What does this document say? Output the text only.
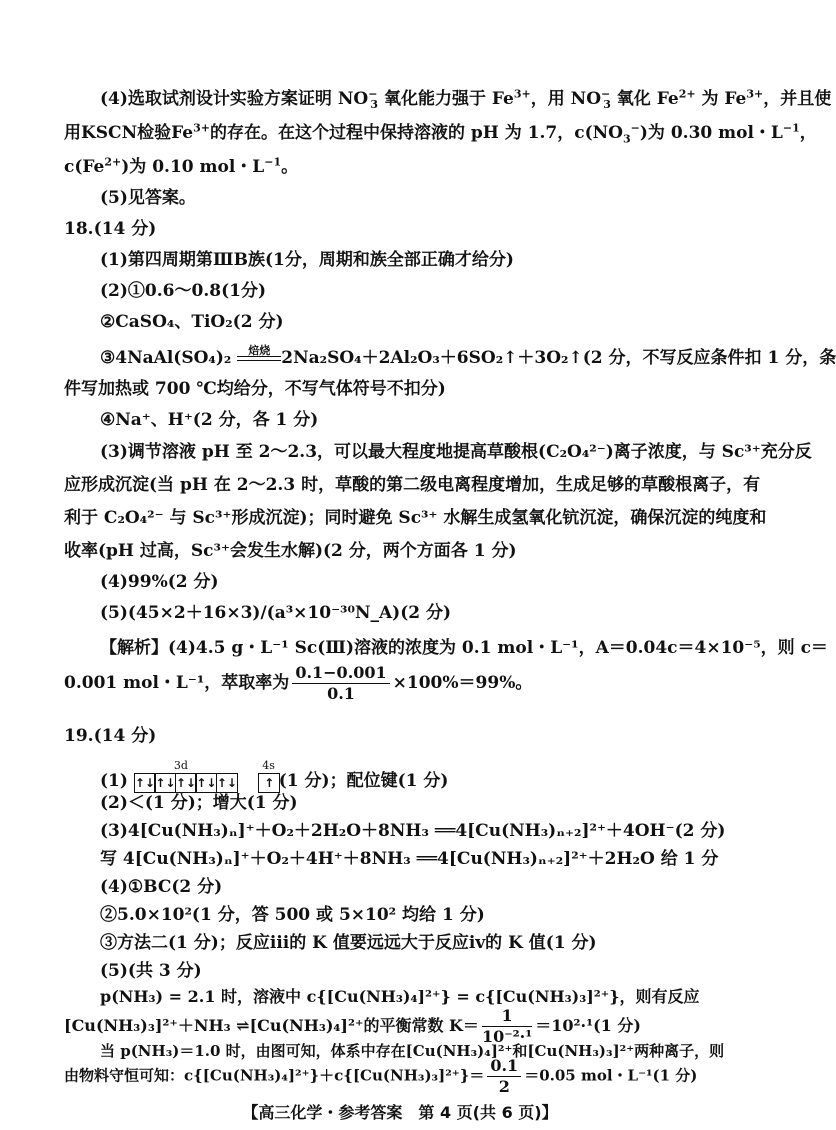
(4)选取试剂设计实验方案证明 $NO^-_3$ 氧化能力强于 $Fe^{3+}$，用 $NO^-_3$ 氧化 $Fe^{2+}$ 为 $Fe^{3+}$，并且使
用KSCN检验$Fe^{3+}$的存在。在这个过程中保持溶液的 pH 为 1.7，$c(NO_3^-)$为 0.30 mol・$L^{-1}$，
$c(Fe^{2+})$为 0.10 mol・$L^{-1}$。
(5)见答案。
18.(14 分)
(1)第四周期第ⅢB族(1分，周期和族全部正确才给分)
(2)①0.6～0.8(1分)
②CaSO₄、TiO₂(2 分)
③4NaAl(SO₄)₂	焙烧 2Na₂SO₄＋2Al₂O₃＋6SO₂↑＋3O₂↑(2 分，不写反应条件扣 1 分，条
件写加热或 700 ℃均给分，不写气体符号不扣分)
④Na⁺、H⁺(2 分，各 1 分)
(3)调节溶液 pH 至 2～2.3，可以最大程度地提高草酸根(C₂O₄²⁻)离子浓度，与 Sc³⁺充分反
应形成沉淀(当 pH 在 2～2.3 时，草酸的第二级电离程度增加，生成足够的草酸根离子，有
利于 C₂O₄²⁻ 与 Sc³⁺形成沉淀)；同时避免 Sc³⁺ 水解生成氢氧化钪沉淀，确保沉淀的纯度和
收率(pH 过高，Sc³⁺会发生水解)(2 分，两个方面各 1 分)
(4)99%(2 分)
(5)(45×2＋16×3)/(a³×10⁻³⁰N_A)(2 分)
【解析】(4)4.5 g・L⁻¹ Sc(Ⅲ)溶液的浓度为 0.1 mol・L⁻¹，A＝0.04c＝4×10⁻⁵，则 c＝
0.001 mol・L⁻¹，萃取率为 $\frac{0.1-0.001}{0.1} \times 100\%=99\%$。
19.(14 分)
(1)
3d
↑↓↑↓↑↓↑↓↑↓
4s
↑ (1 分)；配位键(1 分)
(2)＜(1 分)；增大(1 分)
(3)4[Cu(NH₃)ₙ]⁺＋O₂＋2H₂O＋8NH₃ ══4[Cu(NH₃)ₙ₊₂]²⁺＋4OH⁻(2 分)
写 4[Cu(NH₃)ₙ]⁺＋O₂＋4H⁺＋8NH₃ ══4[Cu(NH₃)ₙ₊₂]²⁺＋2H₂O 给 1 分
(4)①BC(2 分)
②5.0×10²(1 分，答 500 或 5×10² 均给 1 分)
③方法二(1 分)；反应ⅲ的 K 值要远远大于反应ⅳ的 K 值(1 分)
(5)(共 3 分)
p(NH₃) = 2.1 时，溶液中 c{[Cu(NH₃)₄]²⁺} = c{[Cu(NH₃)₃]²⁺}，则有反应
[Cu(NH₃)₃]²⁺＋NH₃ ⇌[Cu(NH₃)₄]²⁺的平衡常数 $K= \frac{1}{\text{10⁻²·¹}} =10^2\cdot^1(1$ 分)
【高三化学・参考答案　第 4 页(共 6 页)】
当 p(NH₃)＝1.0 时，由图可知，体系中存在[Cu(NH₃)₄]²⁺和[Cu(NH₃)₃]²⁺两种离子，则
由物料守恒可知：$c\{[Cu(NH_3)_4]^{2+}\}+c\{[Cu(NH_3)_3]^{2+}\}= \frac{0.1}{2} =0.05$ mol・L⁻¹(1 分)
